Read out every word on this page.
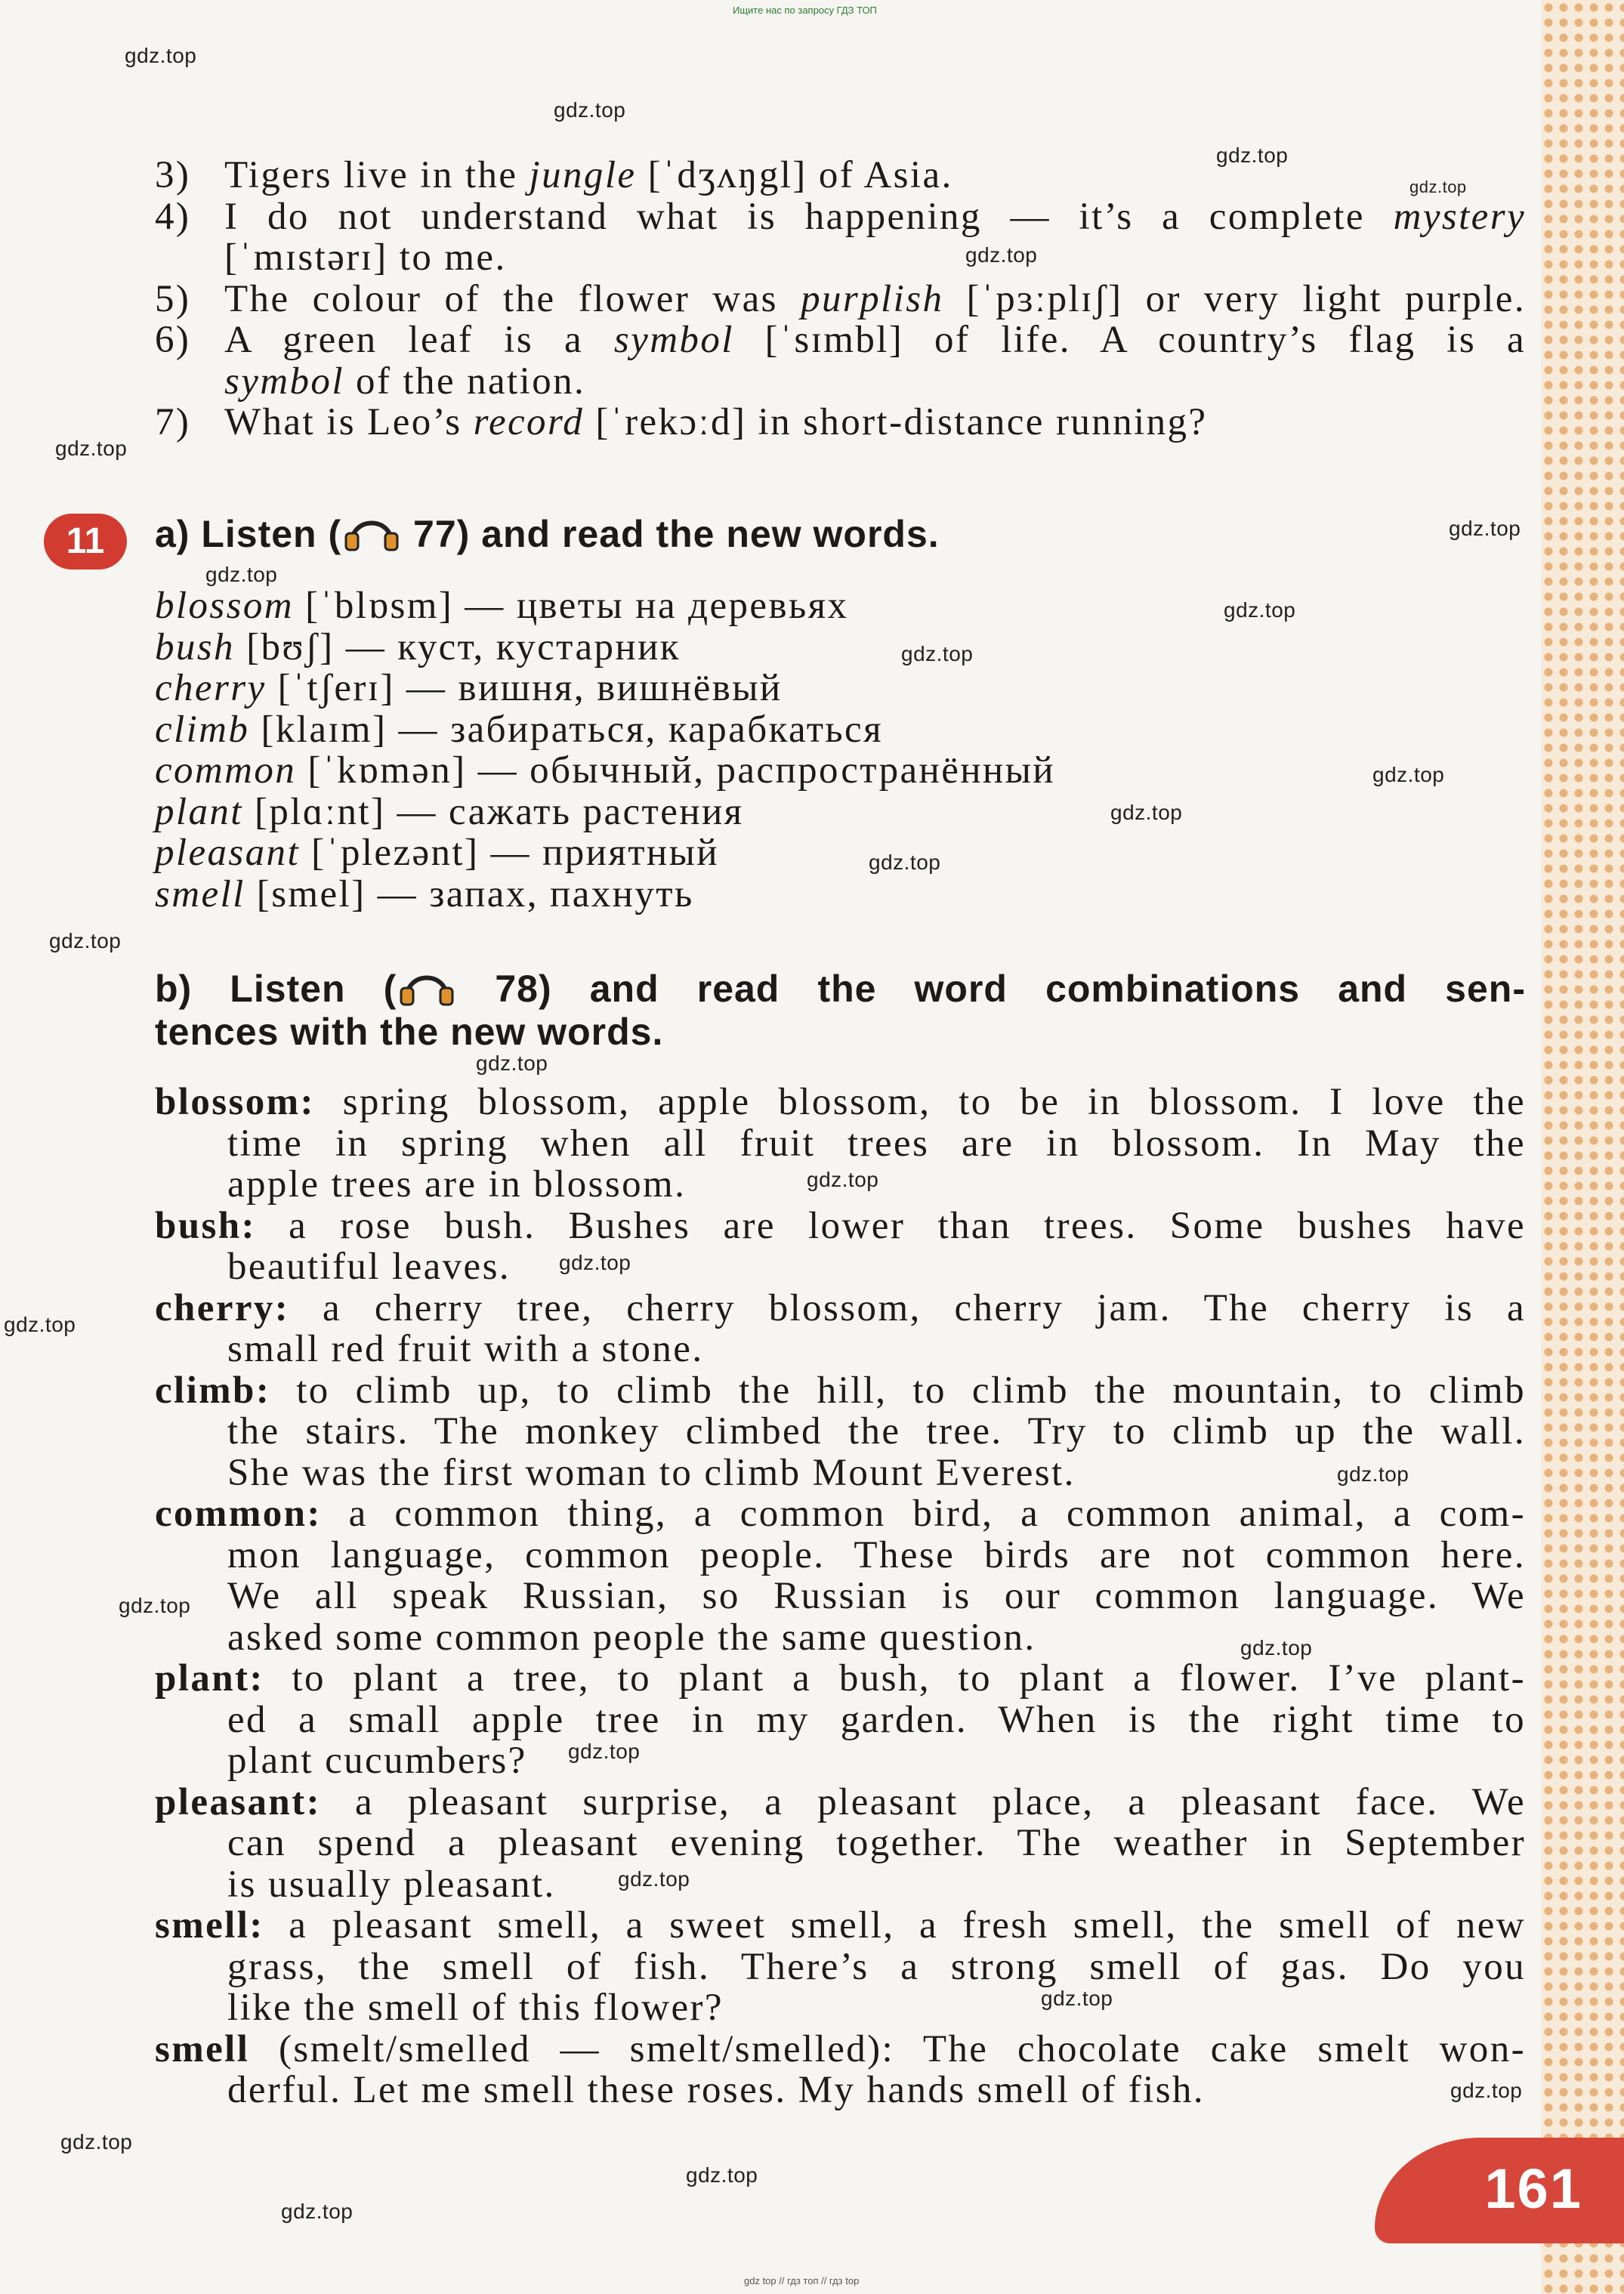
161
Ищите нас по запросу ГДЗ ТОП
gdz top // гдз топ // гдз top
3)Tigers live in the jungle [ˈdʒʌŋgl] of Asia.
4)I do not understand what is happening — it’s a complete mystery
[ˈmɪstərɪ] to me.
5)The colour of the flower was purplish [ˈpɜːplɪʃ] or very light purple.
6)A green leaf is a symbol [ˈsɪmbl] of life. A country’s flag is a
symbol of the nation.
7)What is Leo’s record [ˈrekɔːd] in short-distance running?
11	a) Listen ( 77) and read the new words.
blossom [ˈblɒsm] — цветы на деревьях
bush [bʊʃ] — куст, кустарник
cherry [ˈtʃerɪ] — вишня, вишнёвый
climb [klaɪm] — забираться, карабкаться
common [ˈkɒmən] — обычный, распространённый
plant [plɑːnt] — сажать растения
pleasant [ˈplezənt] — приятный
smell [smel] — запах, пахнуть
b) Listen ( 78) and read the word combinations and sen-
tences with the new words.
blossom: spring blossom, apple blossom, to be in blossom. I love the
time in spring when all fruit trees are in blossom. In May the
apple trees are in blossom.
bush: a rose bush. Bushes are lower than trees. Some bushes have
beautiful leaves.
cherry: a cherry tree, cherry blossom, cherry jam. The cherry is a
small red fruit with a stone.
climb: to climb up, to climb the hill, to climb the mountain, to climb
the stairs. The monkey climbed the tree. Try to climb up the wall.
She was the first woman to climb Mount Everest.
common: a common thing, a common bird, a common animal, a com-
mon language, common people. These birds are not common here.
We all speak Russian, so Russian is our common language. We
asked some common people the same question.
plant: to plant a tree, to plant a bush, to plant a flower. I’ve plant-
ed a small apple tree in my garden. When is the right time to
plant cucumbers?
pleasant: a pleasant surprise, a pleasant place, a pleasant face. We
can spend a pleasant evening together. The weather in September
is usually pleasant.
smell: a pleasant smell, a sweet smell, a fresh smell, the smell of new
grass, the smell of fish. There’s a strong smell of gas. Do you
like the smell of this flower?
smell (smelt/smelled — smelt/smelled): The chocolate cake smelt won-
derful. Let me smell these roses. My hands smell of fish.
gdz.top
gdz.top
gdz.top
gdz.top
gdz.top
gdz.top
gdz.top
gdz.top
gdz.top
gdz.top
gdz.top
gdz.top
gdz.top
gdz.top
gdz.top
gdz.top
gdz.top
gdz.top
gdz.top
gdz.top
gdz.top
gdz.top
gdz.top
gdz.top
gdz.top
gdz.top
gdz.top
gdz.top
